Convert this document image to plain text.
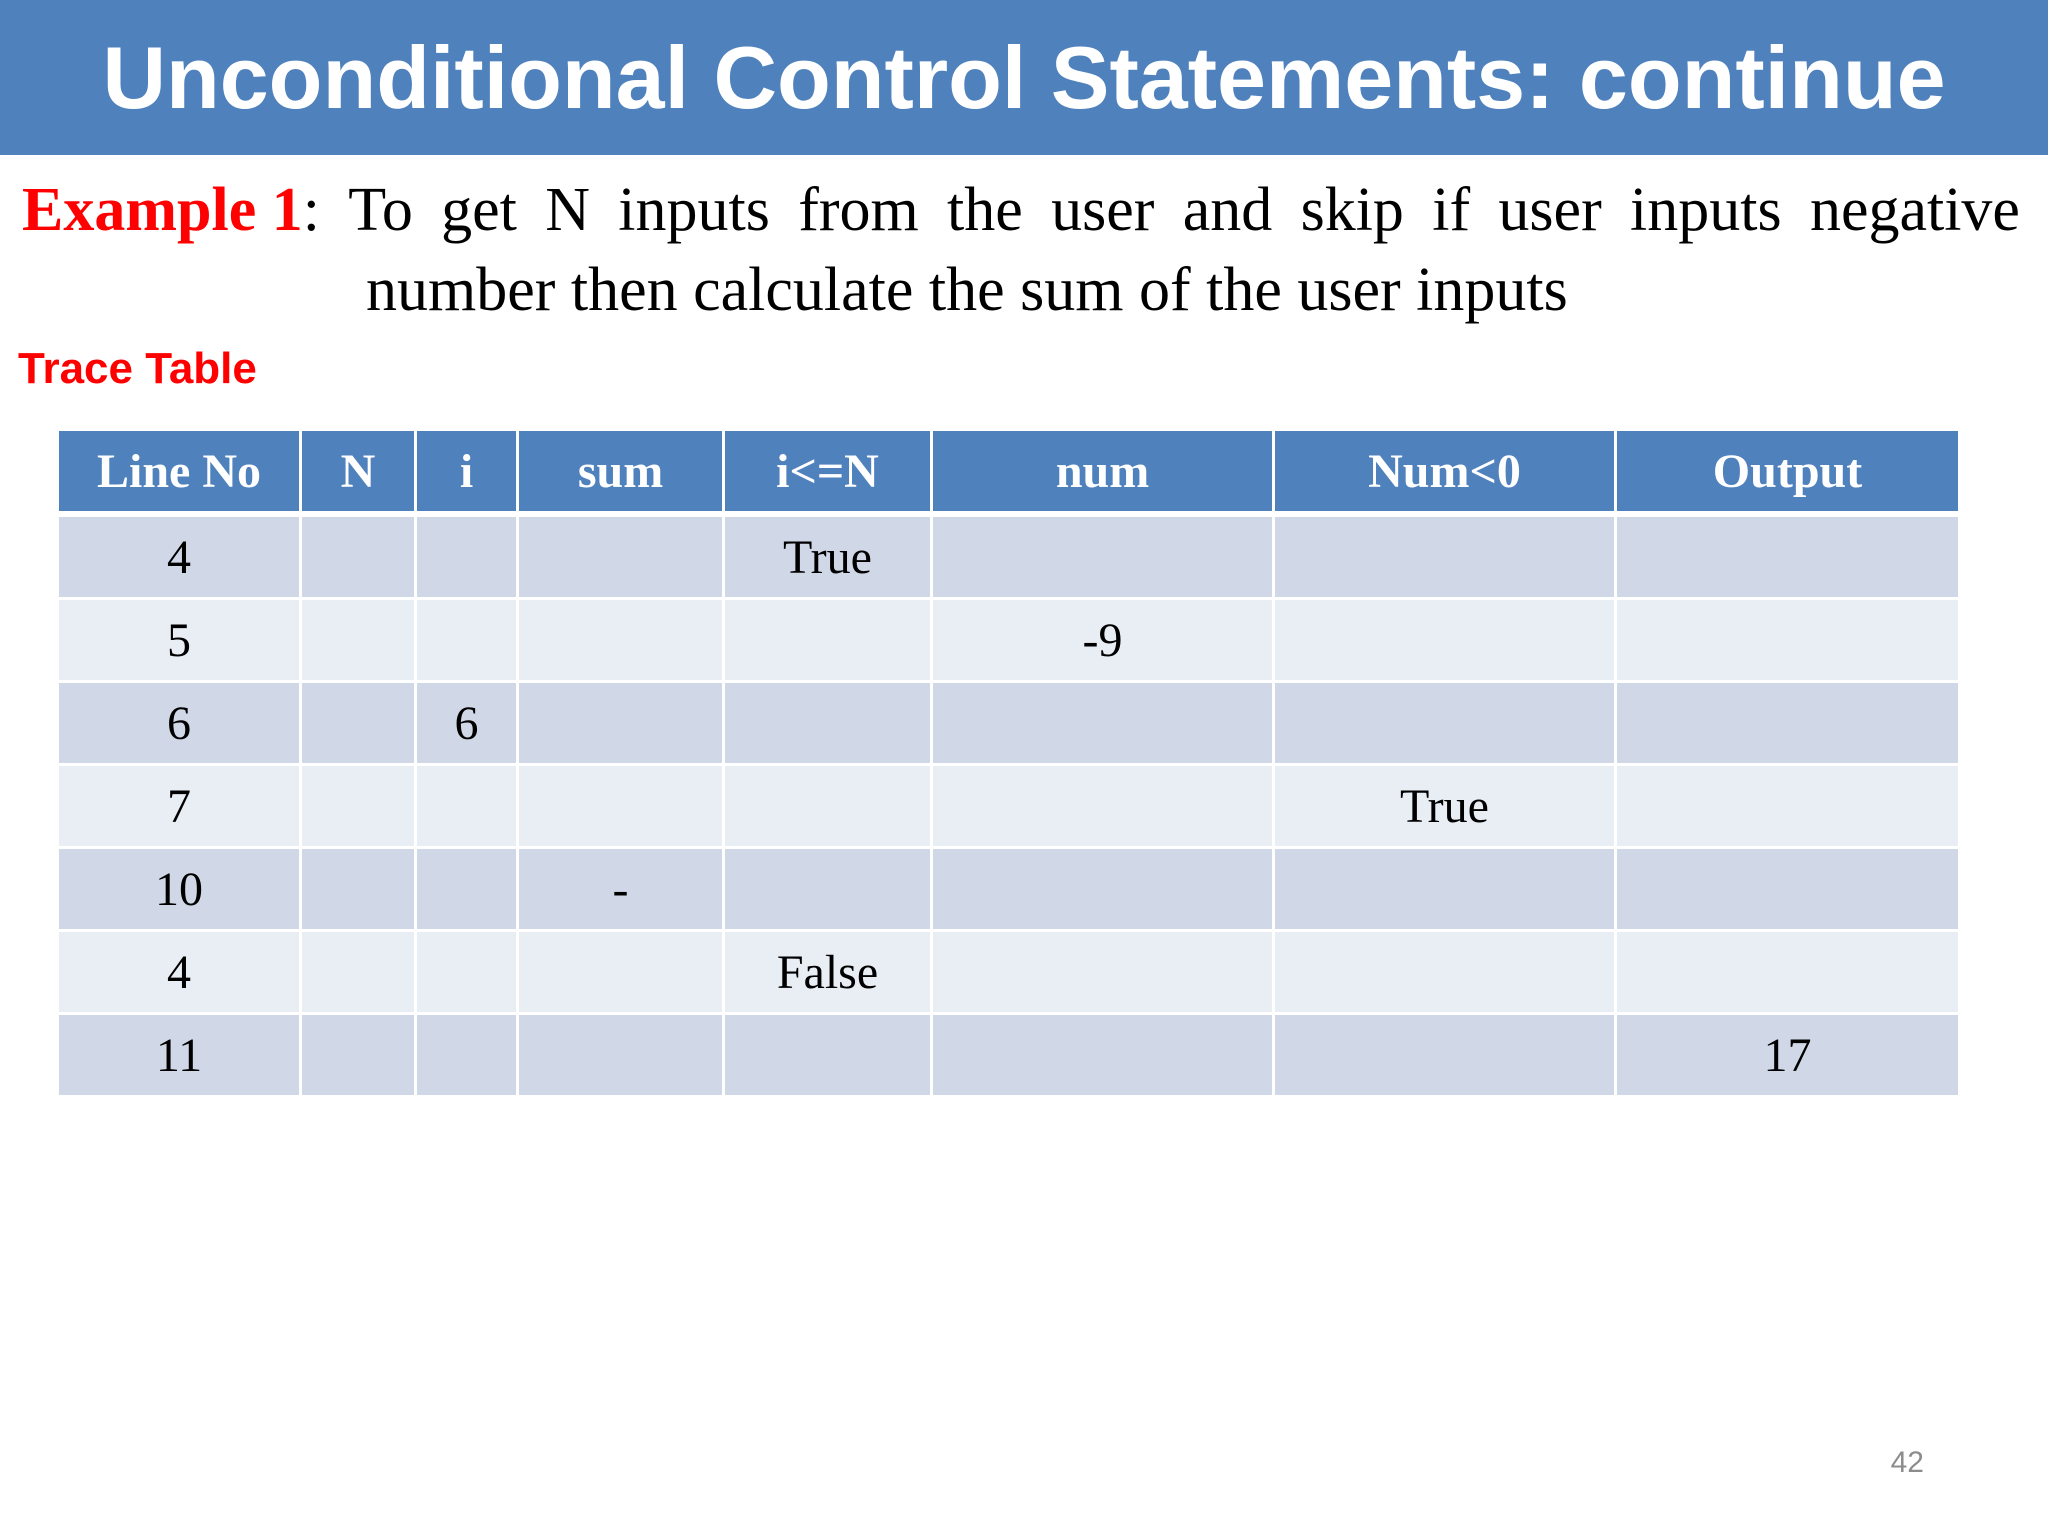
Unconditional Control Statements: continue
Example 1: To get N inputs from the user and skip if user inputs negative
number then calculate the sum of the user inputs
Trace Table
Line No	N	i	sum	i<=N	num	Num<0	Output
4				True			
5					-9		
6		6					
7						True	
10			-				
4				False			
11							17
42
